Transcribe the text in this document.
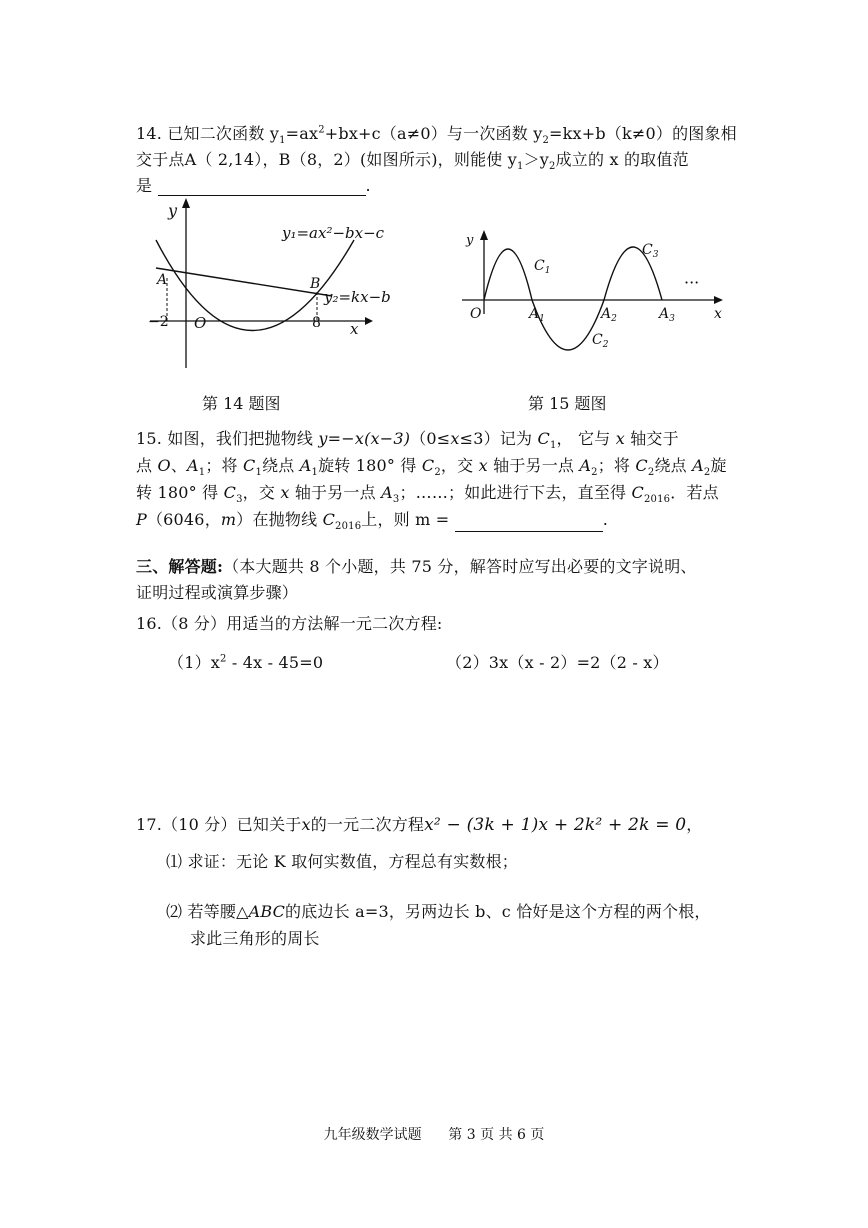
14. 已知二次函数 $y_1=ax^2+bx+c(a\ne 0)$与一次函数 $y_2=kx+b(k\ne 0)$的图象相
交于点A（ 2,14），B（8，2）(如图所示)，则能使 $y_1>y_2$成立的 x 的取值范
是	.
y
x
O
−2	8
A	B
y₁=ax²−bx−c
y₂=kx−b
第 14 题图
y
x
O
$C_1$
$C_2$
$C_3$
$A_1$	$A_2$	$A_3$
···
第 15 题图
15. 如图，我们把抛物线 y=−x(x−3)（0≤x≤3）记为 $C_1$， 它与 x 轴交于
点 O、$A_1$；将 $C_1$绕点 $A_1$旋转 180° 得 $C_2$，交 x 轴于另一点 $A_2$；将 $C_2$绕点 $A_2$旋
转 180° 得 $C_3$，交 x 轴于另一点 $A_3$；……；如此进行下去，直至得 $C_{2016}$．若点
P（6046，m）在抛物线 $C_{2016}$上，则 m =	.
三、解答题:（本大题共 8 个小题，共 75 分，解答时应写出必要的文字说明、
证明过程或演算步骤）
16.（8 分）用适当的方法解一元二次方程:
$(1)x^2 - 4x - 45=0$	（2）3x（x - 2）=2（2 - x）
17.（10 分）已知关于x的一元二次方程x² − (3k + 1)x + 2k² + 2k = 0，
⑴ 求证：无论 K 取何实数值，方程总有实数根；
⑵ 若等腰△ABC的底边长 a=3，另两边长 b、c 恰好是这个方程的两个根，
求此三角形的周长
九年级数学试题      第 3 页 共 6 页
